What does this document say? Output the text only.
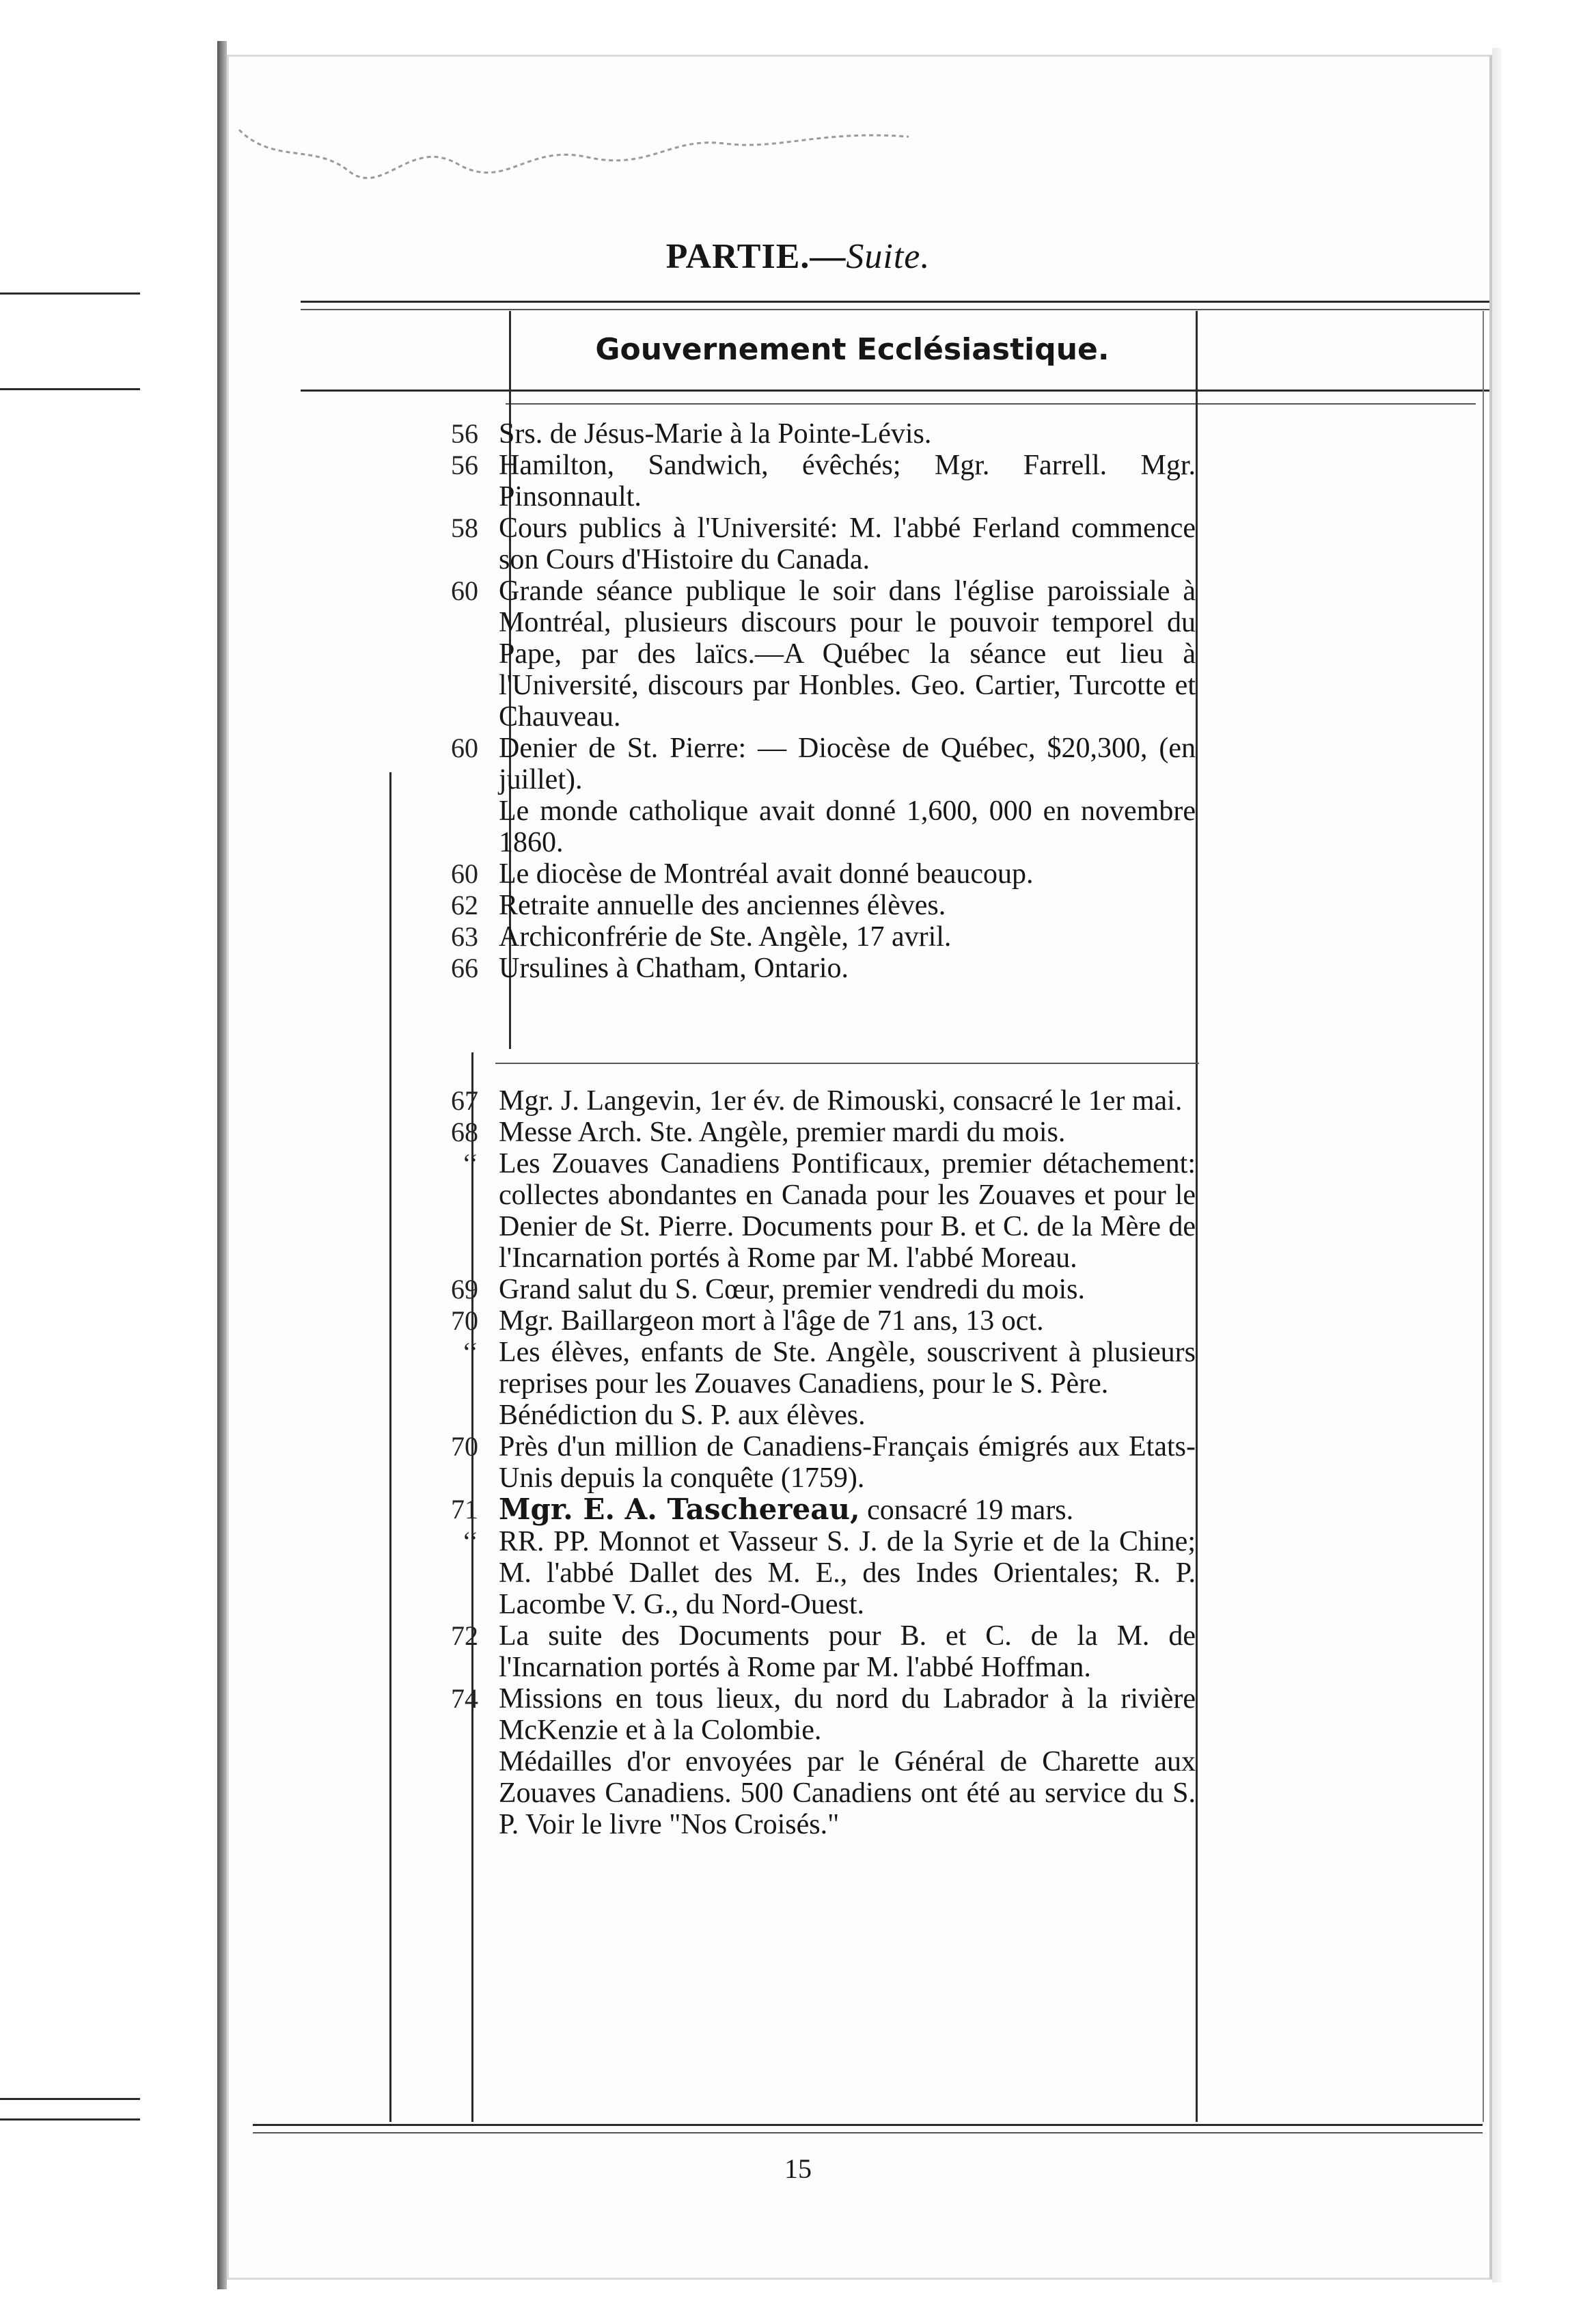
PARTIE.—Suite.
Gouvernement Ecclésiastique.
56 Srs. de Jésus-Marie à la Pointe-Lévis.
56 Hamilton, Sandwich, évêchés; Mgr. Farrell. Mgr. Pinsonnault.
58 Cours publics à l'Université: M. l'abbé Ferland commence son Cours d'Histoire du Canada.
60 Grande séance publique le soir dans l'église paroissiale à Montréal, plusieurs discours pour le pouvoir temporel du Pape, par des laïcs.—A Québec la séance eut lieu à l'Université, discours par Honbles. Geo. Cartier, Turcotte et Chauveau.
60 Denier de St. Pierre: — Diocèse de Québec, $20,300, (en juillet).
Le monde catholique avait donné 1,600, 000 en novembre 1860.
60 Le diocèse de Montréal avait donné beaucoup.
62 Retraite annuelle des anciennes élèves.
63 Archiconfrérie de Ste. Angèle, 17 avril.
66 Ursulines à Chatham, Ontario.
67 Mgr. J. Langevin, 1er év. de Rimouski, consacré le 1er mai.
68 Messe Arch. Ste. Angèle, premier mardi du mois.
‘‘ Les Zouaves Canadiens Pontificaux, premier détachement: collectes abondantes en Canada pour les Zouaves et pour le Denier de St. Pierre. Documents pour B. et C. de la Mère de l'Incarnation portés à Rome par M. l'abbé Moreau.
69 Grand salut du S. Cœur, premier vendredi du mois.
70 Mgr. Baillargeon mort à l'âge de 71 ans, 13 oct.
‘‘ Les élèves, enfants de Ste. Angèle, souscrivent à plusieurs reprises pour les Zouaves Canadiens, pour le S. Père.
Bénédiction du S. P. aux élèves.
70 Près d'un million de Canadiens-Français émigrés aux Etats-Unis depuis la conquête (1759).
71 Mgr. E. A. Taschereau, consacré 19 mars.
‘‘ RR. PP. Monnot et Vasseur S. J. de la Syrie et de la Chine; M. l'abbé Dallet des M. E., des Indes Orientales; R. P. Lacombe V. G., du Nord-Ouest.
72 La suite des Documents pour B. et C. de la M. de l'Incarnation portés à Rome par M. l'abbé Hoffman.
74 Missions en tous lieux, du nord du Labrador à la rivière McKenzie et à la Colombie.
Médailles d'or envoyées par le Général de Charette aux Zouaves Canadiens. 500 Canadiens ont été au service du S. P. Voir le livre "Nos Croisés."
15
